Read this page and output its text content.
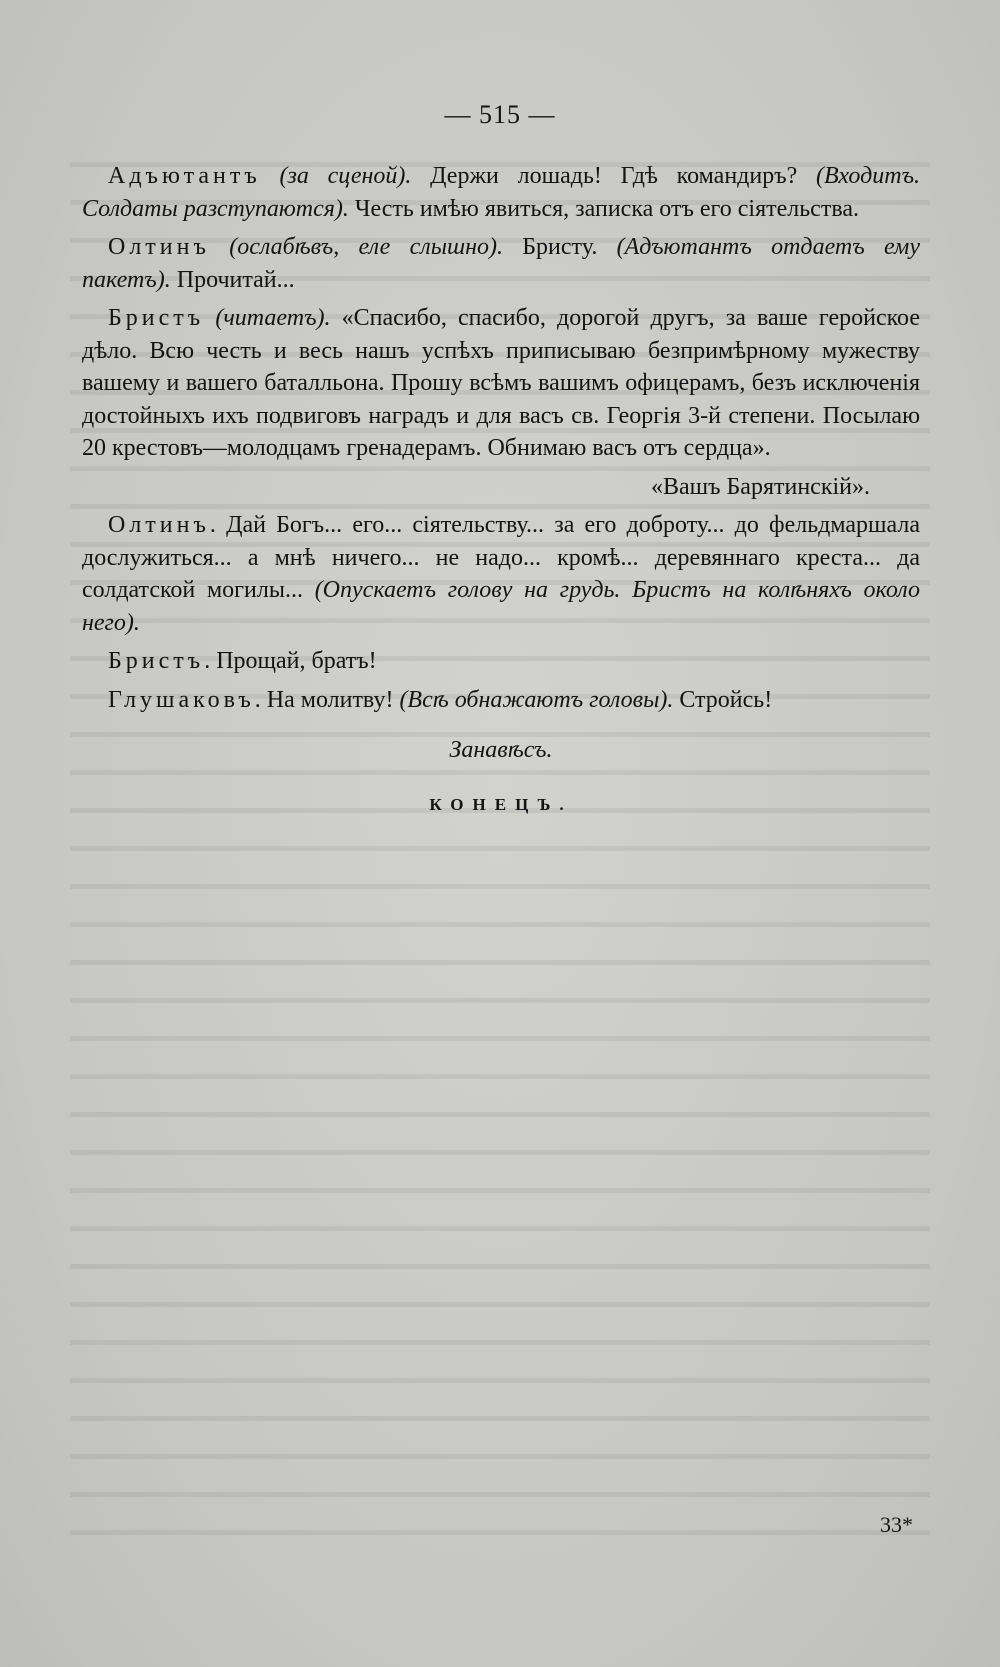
— 515 —

Адъютантъ (за сценой). Держи лошадь! Гдѣ командиръ? (Входитъ. Солдаты разступаются). Честь имѣю явиться, записка отъ его сіятельства.

Олтинъ (ослабѣвъ, еле слышно). Бристу. (Адъютантъ отдаетъ ему пакетъ). Прочитай...

Бристъ (читаетъ). «Спасибо, спасибо, дорогой другъ, за ваше геройское дѣло. Всю честь и весь нашъ успѣхъ приписываю безпримѣрному мужеству вашему и вашего баталльона. Прошу всѣмъ вашимъ офицерамъ, безъ исключенія достойныхъ ихъ подвиговъ наградъ и для васъ св. Георгія 3-й степени. Посылаю 20 крестовъ—молодцамъ гренадерамъ. Обнимаю васъ отъ сердца».

«Вашъ Барятинскій».

Олтинъ. Дай Богъ... его... сіятельству... за его доброту... до фельдмаршала дослужиться... а мнѣ ничего... не надо... кромѣ... деревяннаго креста... да солдатской могилы... (Опускаетъ голову на грудь. Бристъ на колѣняхъ около него).

Бристъ. Прощай, братъ!

Глушаковъ. На молитву! (Всѣ обнажаютъ головы). Стройсь!

Занавѣсъ.

КОНЕЦЪ.

33*
